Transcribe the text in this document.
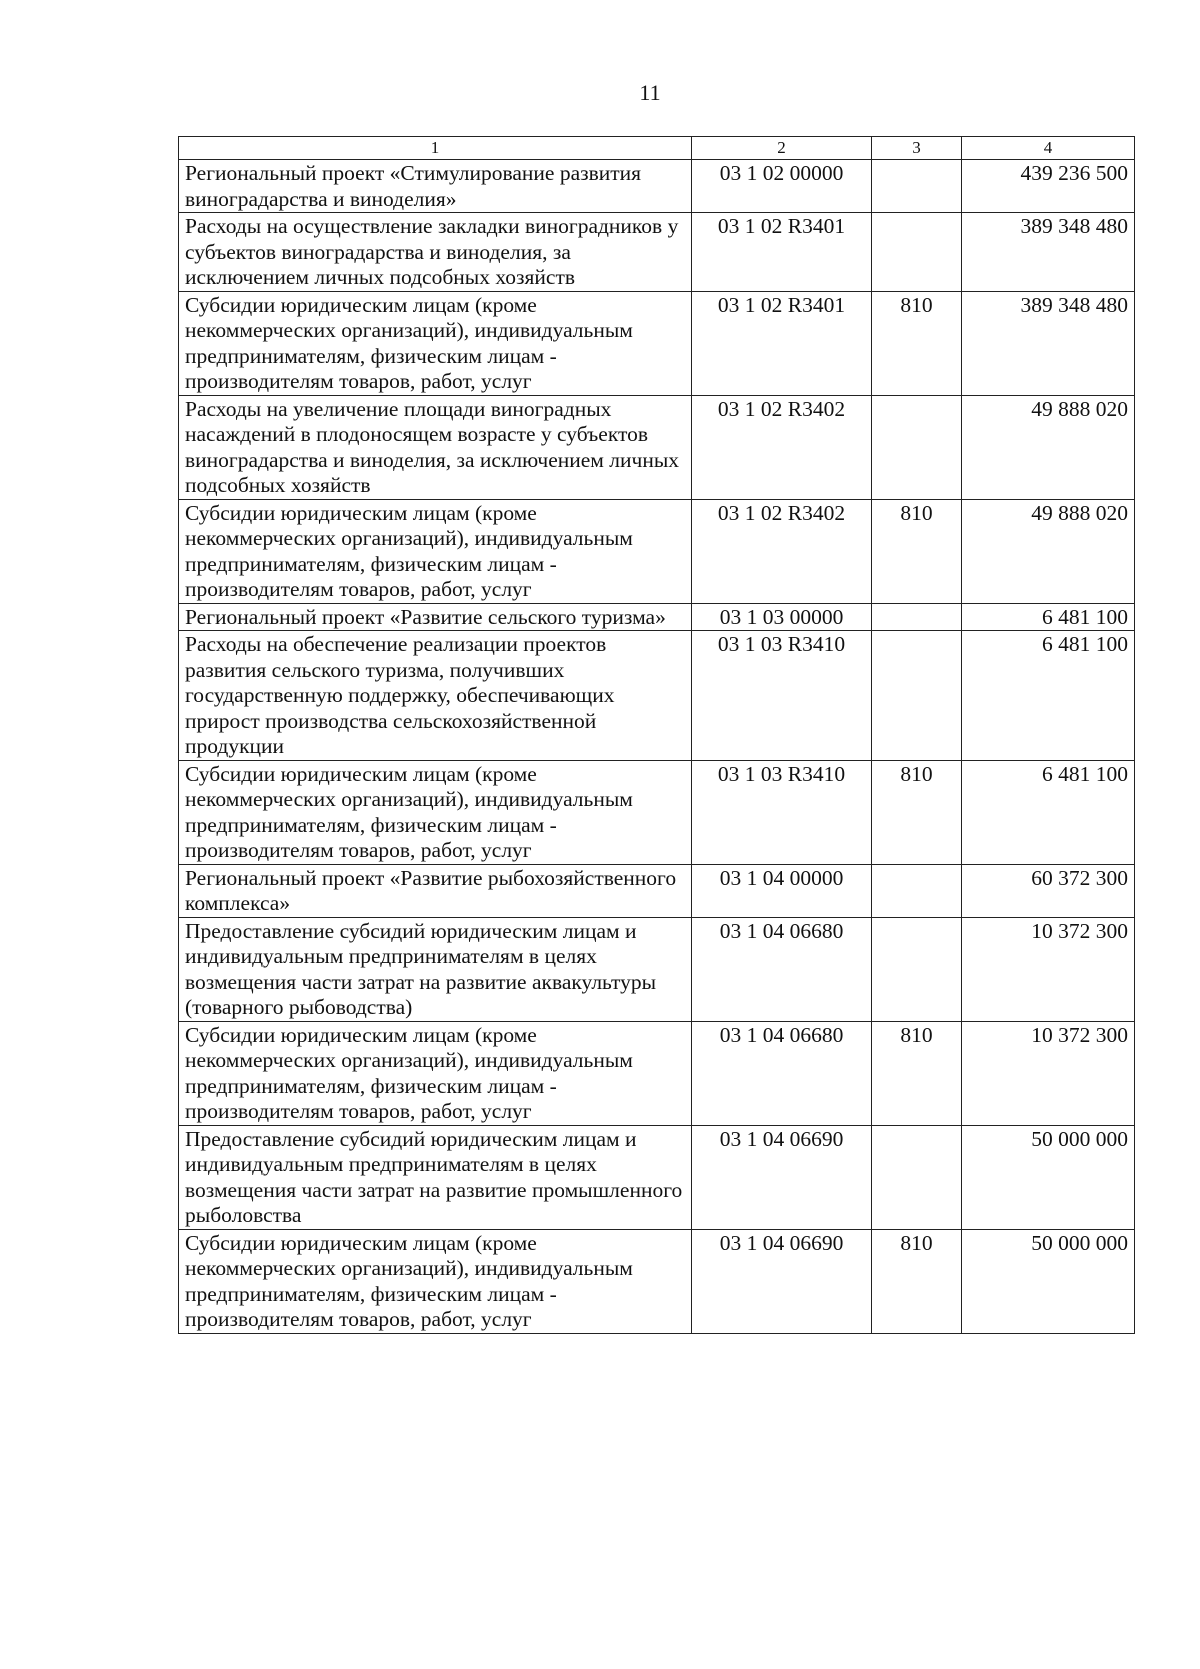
11
1	2	3	4
Региональный проект «Стимулирование развития виноградарства и виноделия»	03 1 02 00000		439 236 500
Расходы на осуществление закладки виноградников у субъектов виноградарства и виноделия, за исключением личных подсобных хозяйств	03 1 02 R3401		389 348 480
Субсидии юридическим лицам (кроме некоммерческих организаций), индивидуальным предпринимателям, физическим лицам - производителям товаров, работ, услуг	03 1 02 R3401	810	389 348 480
Расходы на увеличение площади виноградных насаждений в плодоносящем возрасте у субъектов виноградарства и виноделия, за исключением личных подсобных хозяйств	03 1 02 R3402		49 888 020
Субсидии юридическим лицам (кроме некоммерческих организаций), индивидуальным предпринимателям, физическим лицам - производителям товаров, работ, услуг	03 1 02 R3402	810	49 888 020
Региональный проект «Развитие сельского туризма»	03 1 03 00000		6 481 100
Расходы на обеспечение реализации проектов развития сельского туризма, получивших государственную поддержку, обеспечивающих прирост производства сельскохозяйственной продукции	03 1 03 R3410		6 481 100
Субсидии юридическим лицам (кроме некоммерческих организаций), индивидуальным предпринимателям, физическим лицам - производителям товаров, работ, услуг	03 1 03 R3410	810	6 481 100
Региональный проект «Развитие рыбохозяйственного комплекса»	03 1 04 00000		60 372 300
Предоставление субсидий юридическим лицам и индивидуальным предпринимателям в целях возмещения части затрат на развитие аквакультуры (товарного рыбоводства)	03 1 04 06680		10 372 300
Субсидии юридическим лицам (кроме некоммерческих организаций), индивидуальным предпринимателям, физическим лицам - производителям товаров, работ, услуг	03 1 04 06680	810	10 372 300
Предоставление субсидий юридическим лицам и индивидуальным предпринимателям в целях возмещения части затрат на развитие промышленного рыболовства	03 1 04 06690		50 000 000
Субсидии юридическим лицам (кроме некоммерческих организаций), индивидуальным предпринимателям, физическим лицам - производителям товаров, работ, услуг	03 1 04 06690	810	50 000 000
